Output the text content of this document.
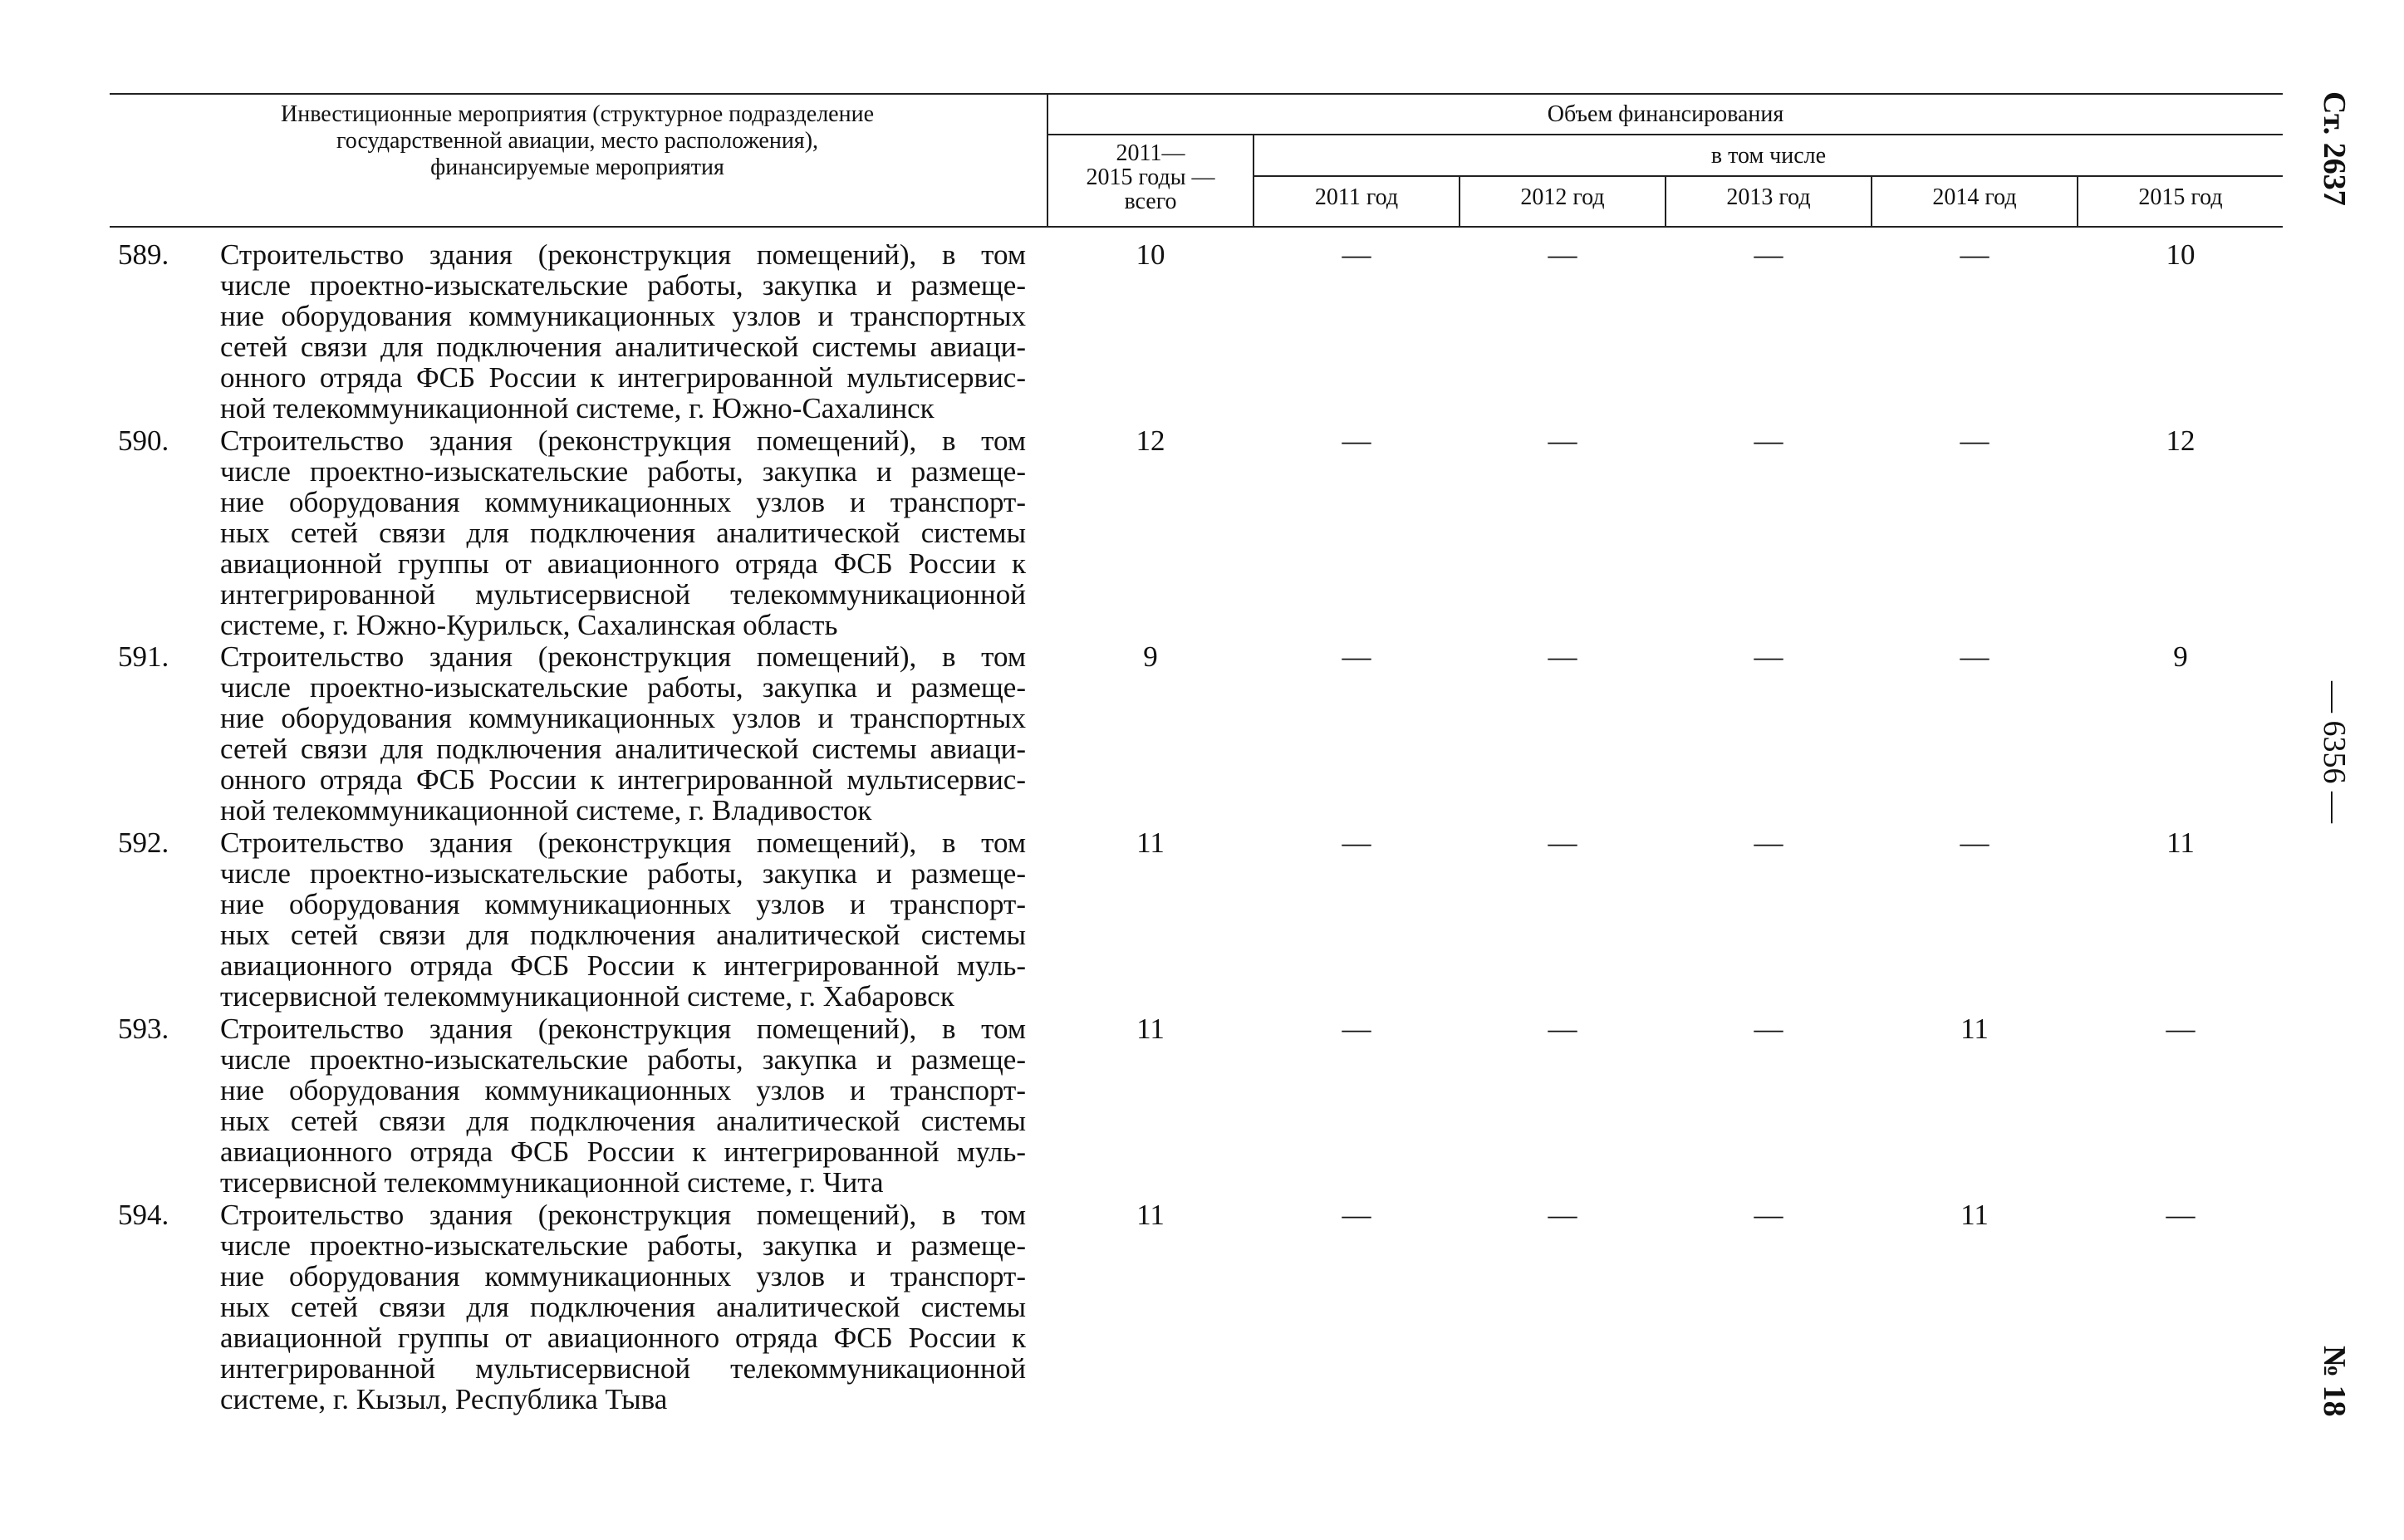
Инвестиционные мероприятия (структурное подразделение
государственной авиации, место расположения),
финансируемые мероприятия
Объем финансирования
2011—
2015 годы —
всего
в том числе
2011 год	2012 год	2013 год	2014 год	2015 год
589.	Строительство здания (реконструкция помещений), в том
числе проектно-изыскательские работы, закупка и размеще-
ние оборудования коммуникационных узлов и транспортных
сетей связи для подключения аналитической системы авиаци-
онного отряда ФСБ России к интегрированной мультисервис-
ной телекоммуникационной системе, г. Южно-Сахалинск
10	—	—	—	—	10
590.	Строительство здания (реконструкция помещений), в том
числе проектно-изыскательские работы, закупка и размеще-
ние оборудования коммуникационных узлов и транспорт-
ных сетей связи для подключения аналитической системы
авиационной группы от авиационного отряда ФСБ России к
интегрированной мультисервисной телекоммуникационной
системе, г. Южно-Курильск, Сахалинская область
12	—	—	—	—	12
591.	Строительство здания (реконструкция помещений), в том
числе проектно-изыскательские работы, закупка и размеще-
ние оборудования коммуникационных узлов и транспортных
сетей связи для подключения аналитической системы авиаци-
онного отряда ФСБ России к интегрированной мультисервис-
ной телекоммуникационной системе, г. Владивосток
9	—	—	—	—	9
592.	Строительство здания (реконструкция помещений), в том
числе проектно-изыскательские работы, закупка и размеще-
ние оборудования коммуникационных узлов и транспорт-
ных сетей связи для подключения аналитической системы
авиационного отряда ФСБ России к интегрированной муль-
тисервисной телекоммуникационной системе, г. Хабаровск
11	—	—	—	—	11
593.	Строительство здания (реконструкция помещений), в том
числе проектно-изыскательские работы, закупка и размеще-
ние оборудования коммуникационных узлов и транспорт-
ных сетей связи для подключения аналитической системы
авиационного отряда ФСБ России к интегрированной муль-
тисервисной телекоммуникационной системе, г. Чита
11	—	—	—	11	—
594.	Строительство здания (реконструкция помещений), в том
числе проектно-изыскательские работы, закупка и размеще-
ние оборудования коммуникационных узлов и транспорт-
ных сетей связи для подключения аналитической системы
авиационной группы от авиационного отряда ФСБ России к
интегрированной мультисервисной телекоммуникационной
системе, г. Кызыл, Республика Тыва
11	—	—	—	11	—
Ст. 2637
— 6356 —
№ 18
